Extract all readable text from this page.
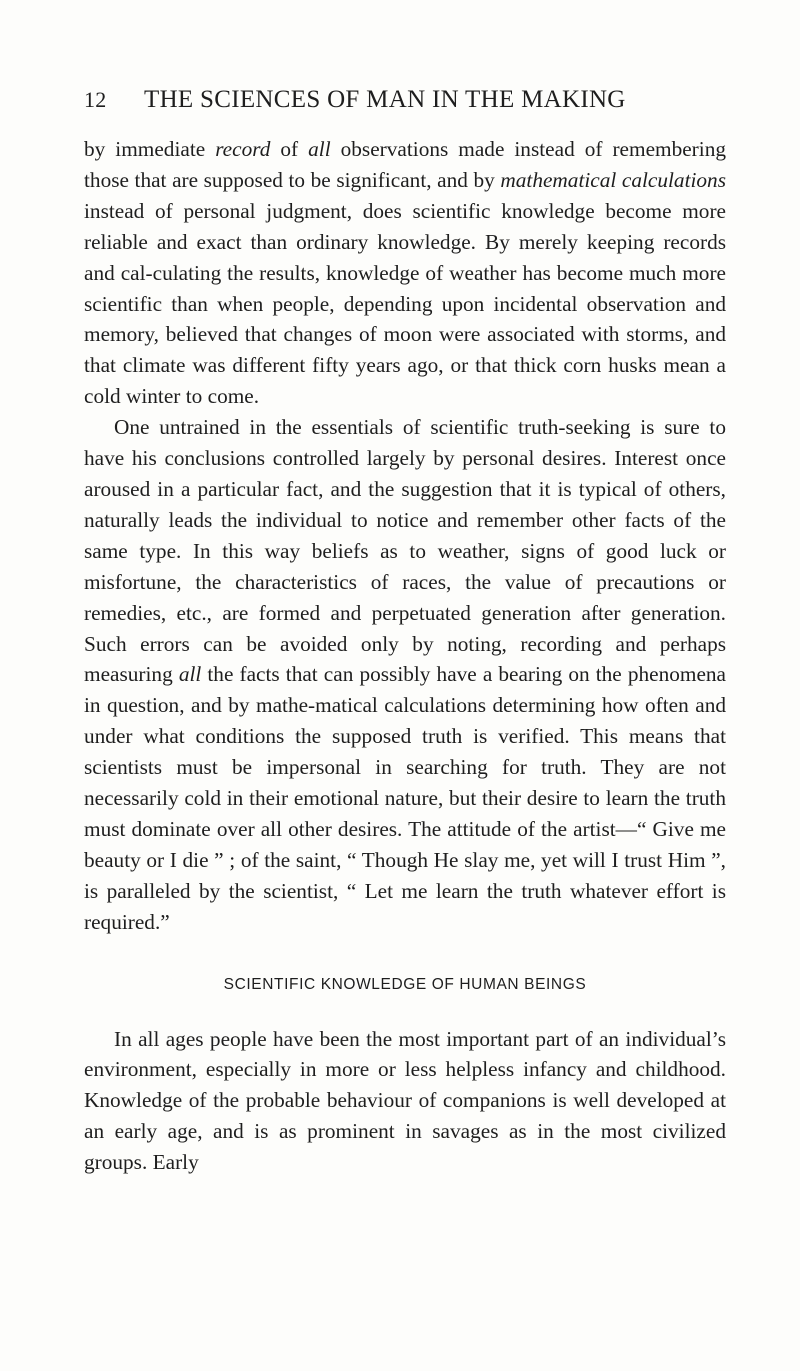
12	THE SCIENCES OF MAN IN THE MAKING

by immediate record of all observations made instead of remembering those that are supposed to be significant, and by mathematical calculations instead of personal judgment, does scientific knowledge become more reliable and exact than ordinary knowledge. By merely keeping records and cal-culating the results, knowledge of weather has become much more scientific than when people, depending upon incidental observation and memory, believed that changes of moon were associated with storms, and that climate was different fifty years ago, or that thick corn husks mean a cold winter to come.

One untrained in the essentials of scientific truth-seeking is sure to have his conclusions controlled largely by personal desires. Interest once aroused in a particular fact, and the suggestion that it is typical of others, naturally leads the individual to notice and remember other facts of the same type. In this way beliefs as to weather, signs of good luck or misfortune, the characteristics of races, the value of precautions or remedies, etc., are formed and perpetuated generation after generation. Such errors can be avoided only by noting, recording and perhaps measuring all the facts that can possibly have a bearing on the phenomena in question, and by mathe-matical calculations determining how often and under what conditions the supposed truth is verified. This means that scientists must be impersonal in searching for truth. They are not necessarily cold in their emotional nature, but their desire to learn the truth must dominate over all other desires. The attitude of the artist—“ Give me beauty or I die ” ; of the saint, “ Though He slay me, yet will I trust Him ”, is paralleled by the scientist, “ Let me learn the truth whatever effort is required.”

SCIENTIFIC KNOWLEDGE OF HUMAN BEINGS

In all ages people have been the most important part of an individual’s environment, especially in more or less helpless infancy and childhood. Knowledge of the probable behaviour of companions is well developed at an early age, and is as prominent in savages as in the most civilized groups. Early
